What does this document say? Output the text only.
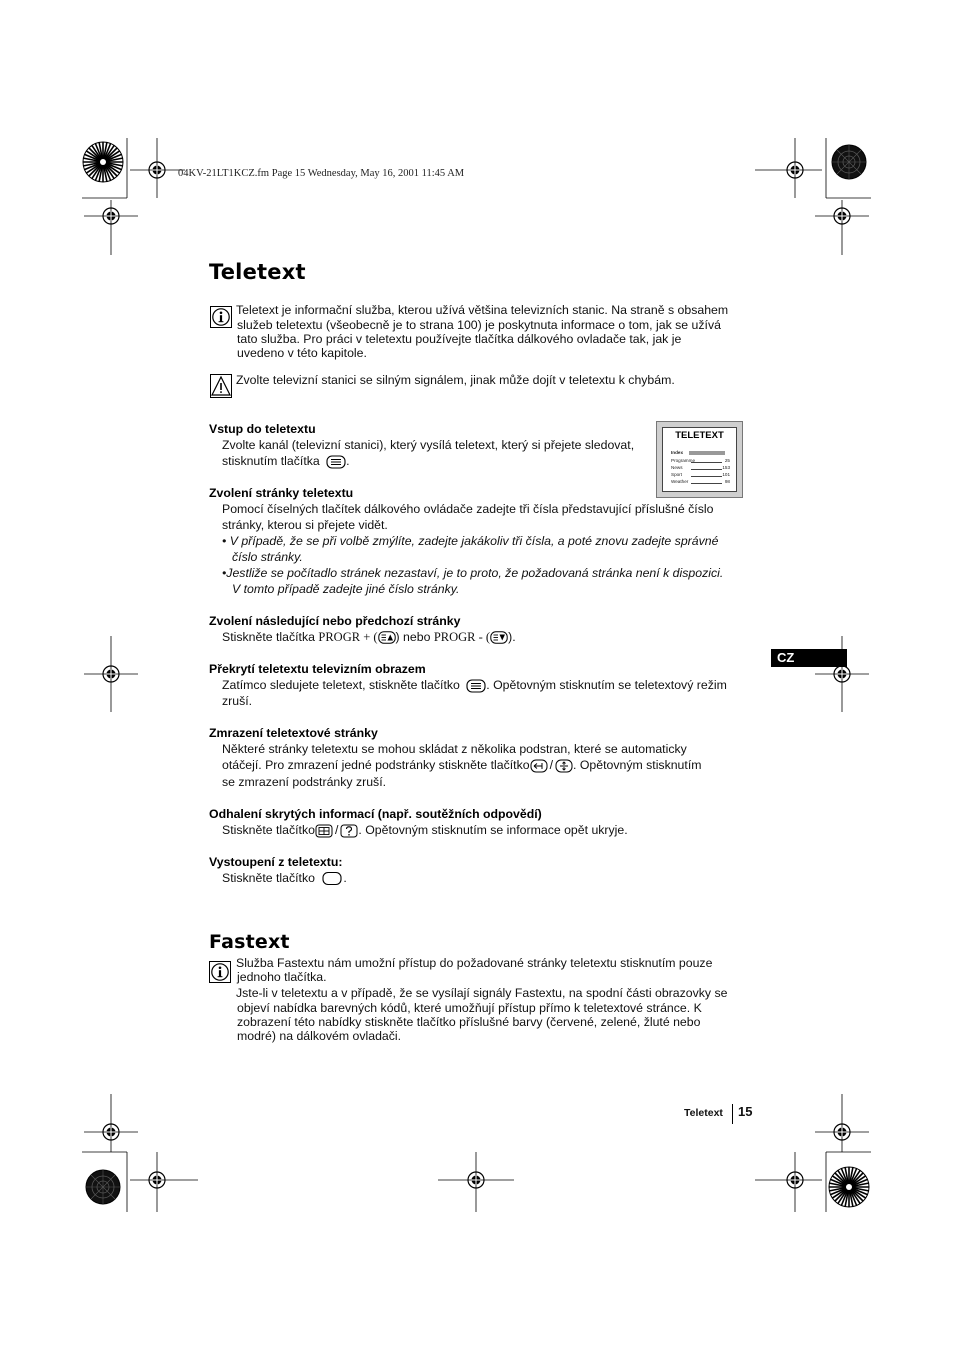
04KV-21LT1KCZ.fm Page 15 Wednesday, May 16, 2001 11:45 AM
Teletext
Teletext je informační služba, kterou užívá většina televizních stanic. Na straně s obsahem
služeb teletextu (všeobecně je to strana 100) je poskytnuta informace o tom, jak se užívá
tato služba. Pro práci v teletextu používejte tlačítka dálkového ovladače tak, jak je
uvedeno v této kapitole.
Zvolte televizní stanici se silným signálem, jinak může dojít v teletextu k chybám.
TELETEXT
Index
Programme	25
News	153
Sport	101
Weather	98
Vstup do teletextu
Zvolte kanál (televizní stanici), který vysílá teletext, který si přejete sledovat,
stisknutím tlačítka .
Zvolení stránky teletextu
Pomocí číselných tlačítek dálkového ovládače zadejte tři čísla představující příslušné číslo
stránky, kterou si přejete vidět.
• V případě, že se při volbě zmýlíte, zadejte jakákoliv tři čísla, a poté znovu zadejte správné
číslo stránky.
•Jestliže se počítadlo stránek nezastaví, je to proto, že požadovaná stránka není k dispozici.
V tomto případě zadejte jiné číslo stránky.
Zvolení následující nebo předchozí stránky
Stiskněte tlačítka PROGR + ( ) nebo PROGR - ( ).
Překrytí teletextu televizním obrazem
Zatímco sledujete teletext, stiskněte tlačítko . Opětovným stisknutím se teletextový režim
zruší.
Zmrazení teletextové stránky
Některé stránky teletextu se mohou skládat z několika podstran, které se automaticky
otáčejí. Pro zmrazení jedné podstránky stiskněte tlačítko / . Opětovným stisknutím
se zmrazení podstránky zruší.
Odhalení skrytých informací (např. soutěžních odpovědí)
Stiskněte tlačítko / . Opětovným stisknutím se informace opět ukryje.
Vystoupení z teletextu:
Stiskněte tlačítko .
Fastext
Služba Fastextu nám umožní přístup do požadované stránky teletextu stisknutím pouze
jednoho tlačítka.
Jste-li v teletextu a v případě, že se vysílají signály Fastextu, na spodní části obrazovky se
objeví nabídka barevných kódů, které umožňují přístup přímo k teletextové stránce. K
zobrazení této nabídky stiskněte tlačítko příslušné barvy (červené, zelené, žluté nebo
modré) na dálkovém ovladači.
CZ
Teletext 15
